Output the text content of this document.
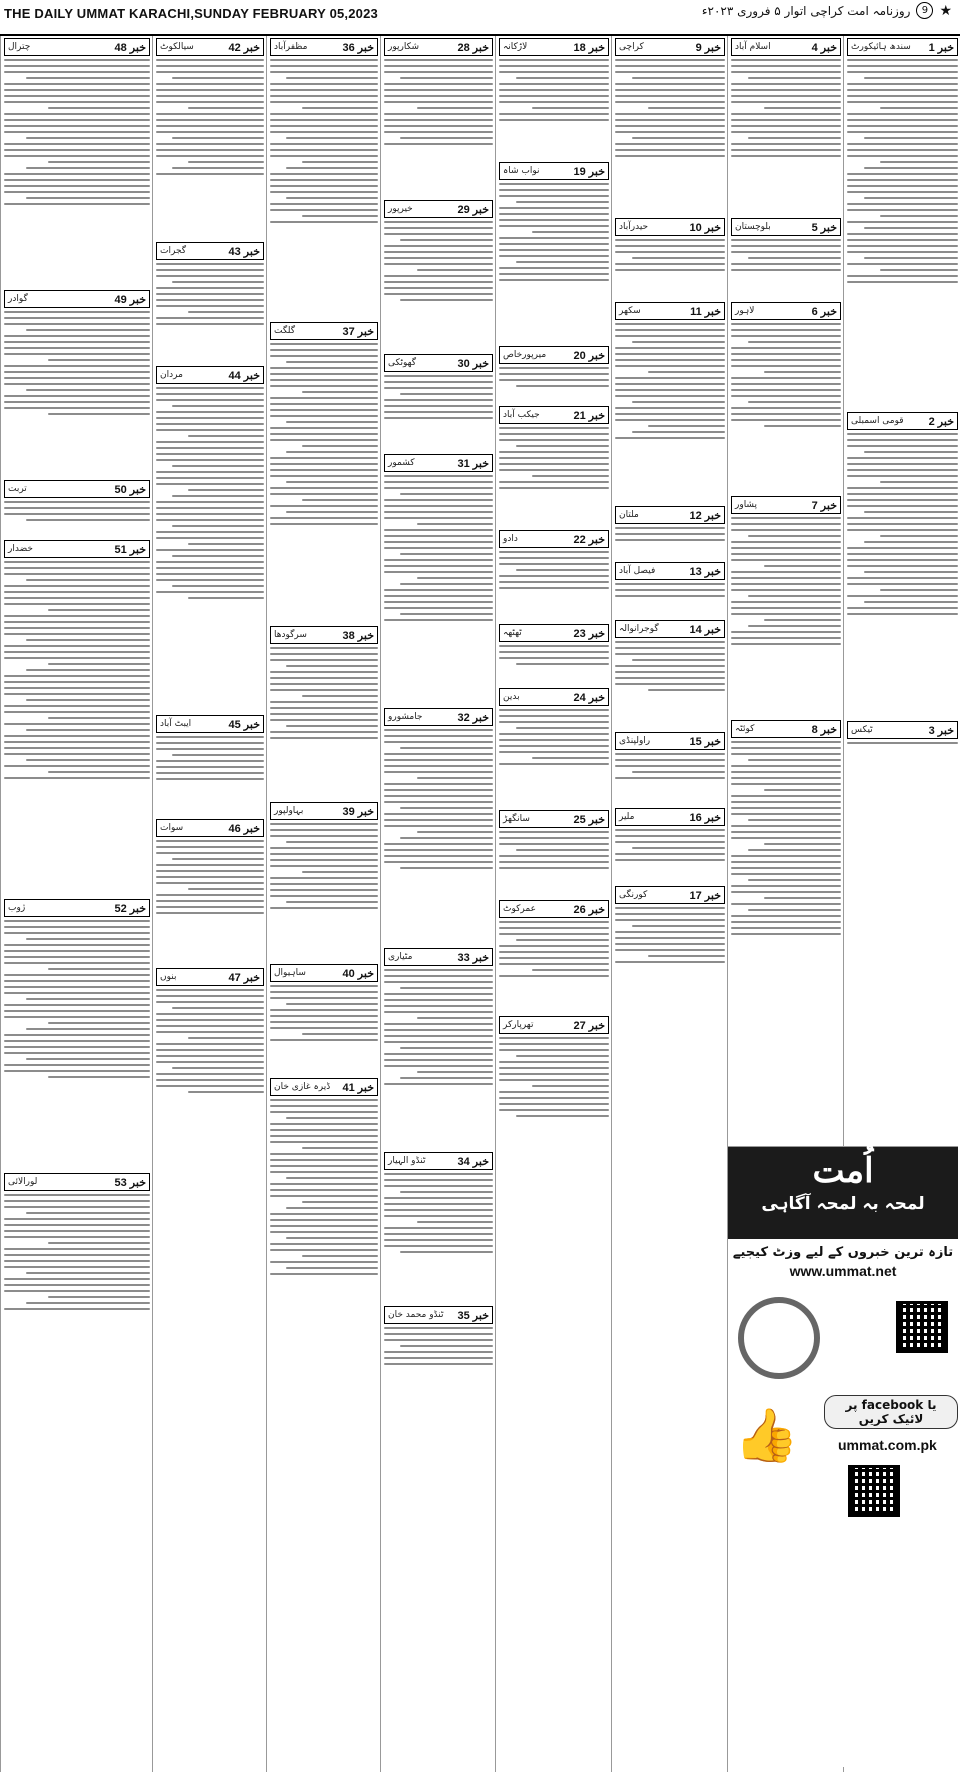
THE DAILY UMMAT KARACHI,SUNDAY FEBRUARY 05,2023	★
9
روزنامہ امت کراچی اتوار ۵ فروری ۲۰۲۳ء
خبر 1
سندھ ہائیکورٹ
خبر 2
قومی اسمبلی
خبر 3
ٹیکس
خبر 4
اسلام آباد
خبر 5
بلوچستان
خبر 6
لاہور
خبر 7
پشاور
خبر 8
کوئٹہ
خبر 9
کراچی
خبر 10
حیدرآباد
خبر 11
سکھر
خبر 12
ملتان
خبر 13
فیصل آباد
خبر 14
گوجرانوالہ
خبر 15
راولپنڈی
خبر 16
ملیر
خبر 17
کورنگی
خبر 18
لاڑکانہ
خبر 19
نواب شاہ
خبر 20
میرپورخاص
خبر 21
جیکب آباد
خبر 22
دادو
خبر 23
ٹھٹھہ
خبر 24
بدین
خبر 25
سانگھڑ
خبر 26
عمرکوٹ
خبر 27
تھرپارکر
خبر 28
شکارپور
خبر 29
خیرپور
خبر 30
گھوٹکی
خبر 31
کشمور
خبر 32
جامشورو
خبر 33
مٹیاری
خبر 34
ٹنڈو الہیار
خبر 35
ٹنڈو محمد خان
خبر 36
مظفرآباد
خبر 37
گلگت
خبر 38
سرگودھا
خبر 39
بہاولپور
خبر 40
ساہیوال
خبر 41
ڈیرہ غازی خان
خبر 42
سیالکوٹ
خبر 43
گجرات
خبر 44
مردان
خبر 45
ایبٹ آباد
خبر 46
سوات
خبر 47
بنوں
خبر 48
چترال
خبر 49
گوادر
خبر 50
تربت
خبر 51
خضدار
خبر 52
ژوب
خبر 53
لورالائی	اُمت
لمحہ بہ لمحہ آگاہی
تازہ ترین خبروں کے لیے وزٹ کیجیے
www.ummat.net
یا facebook پر لائیک کریں
👍	ummat.com.pk
